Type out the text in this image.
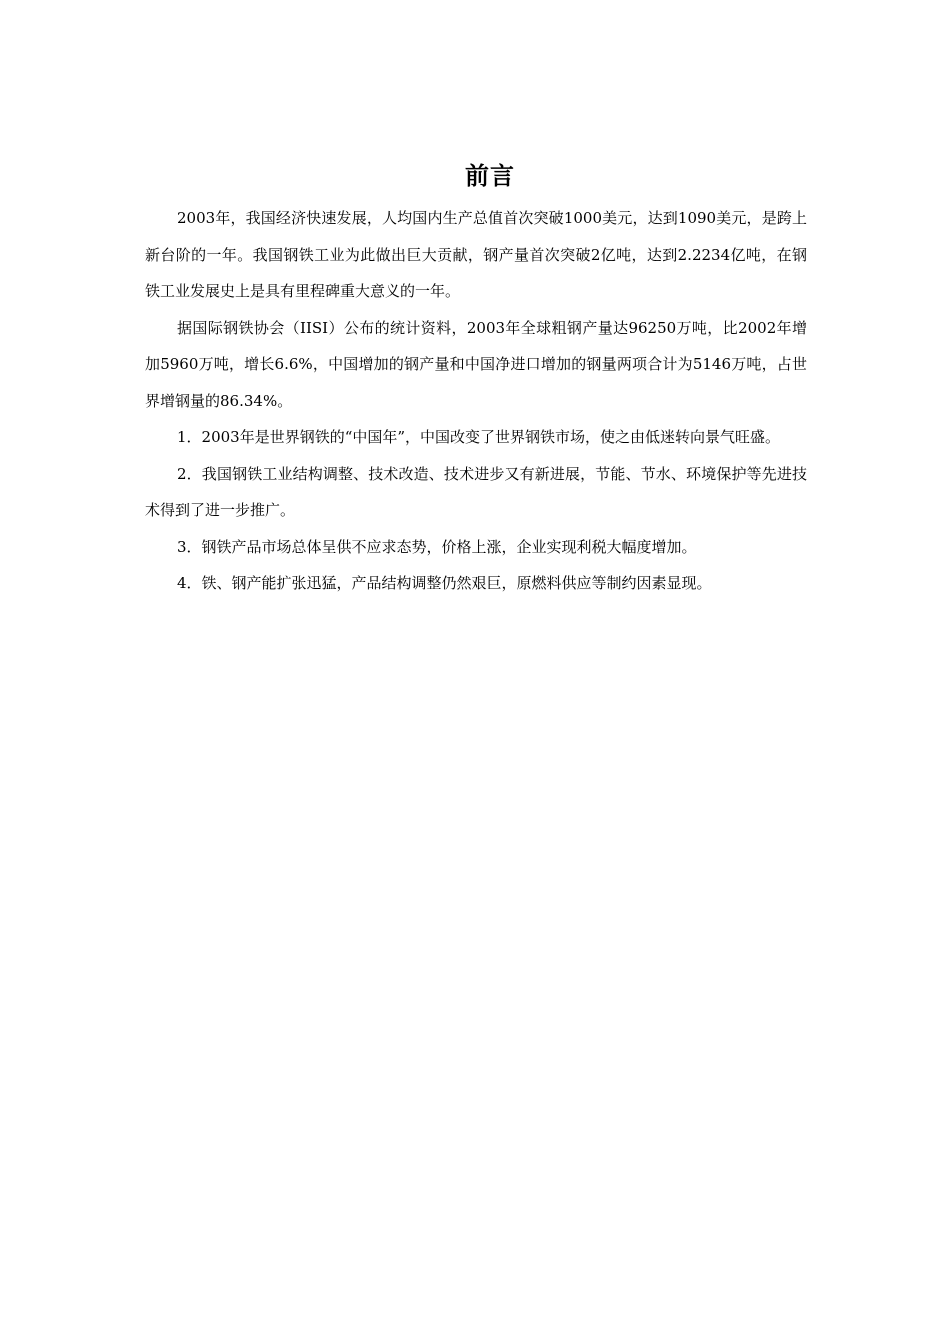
前言

2003年，我国经济快速发展，人均国内生产总值首次突破1000美元，达到1090美元，是跨上新台阶的一年。我国钢铁工业为此做出巨大贡献，钢产量首次突破2亿吨，达到2.2234亿吨，在钢铁工业发展史上是具有里程碑重大意义的一年。

据国际钢铁协会（IISI）公布的统计资料，2003年全球粗钢产量达96250万吨，比2002年增加5960万吨，增长6.6%，中国增加的钢产量和中国净进口增加的钢量两项合计为5146万吨，占世界增钢量的86.34%。

1．2003年是世界钢铁的“中国年”，中国改变了世界钢铁市场，使之由低迷转向景气旺盛。

2．我国钢铁工业结构调整、技术改造、技术进步又有新进展，节能、节水、环境保护等先进技术得到了进一步推广。

3．钢铁产品市场总体呈供不应求态势，价格上涨，企业实现利税大幅度增加。

4．铁、钢产能扩张迅猛，产品结构调整仍然艰巨，原燃料供应等制约因素显现。
